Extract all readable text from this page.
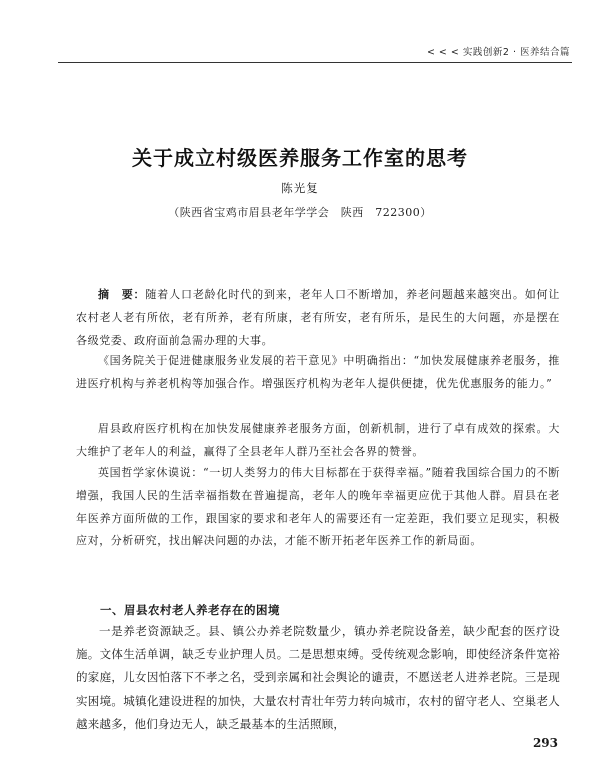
< < < 实践创新2 · 医养结合篇
关于成立村级医养服务工作室的思考
陈光复
（陕西省宝鸡市眉县老年学学会　陕西　722300）

摘　要：随着人口老龄化时代的到来，老年人口不断增加，养老问题越来越突出。如何让农村老人老有所依，老有所养，老有所康，老有所安，老有所乐，是民生的大问题，亦是摆在各级党委、政府面前急需办理的大事。

《国务院关于促进健康服务业发展的若干意见》中明确指出：“加快发展健康养老服务，推进医疗机构与养老机构等加强合作。增强医疗机构为老年人提供便捷，优先优惠服务的能力。”

眉县政府医疗机构在加快发展健康养老服务方面，创新机制，进行了卓有成效的探索。大大维护了老年人的利益，赢得了全县老年人群乃至社会各界的赞誉。

英国哲学家休谟说：“一切人类努力的伟大目标都在于获得幸福。”随着我国综合国力的不断增强，我国人民的生活幸福指数在普遍提高，老年人的晚年幸福更应优于其他人群。眉县在老年医养方面所做的工作，跟国家的要求和老年人的需要还有一定差距，我们要立足现实，积极应对，分析研究，找出解决问题的办法，才能不断开拓老年医养工作的新局面。

一、眉县农村老人养老存在的困境

一是养老资源缺乏。县、镇公办养老院数量少，镇办养老院设备差，缺少配套的医疗设施。文体生活单调，缺乏专业护理人员。二是思想束缚。受传统观念影响，即使经济条件宽裕的家庭，儿女因怕落下不孝之名，受到亲属和社会舆论的谴责，不愿送老人进养老院。三是现实困境。城镇化建设进程的加快，大量农村青壮年劳力转向城市，农村的留守老人、空巢老人越来越多，他们身边无人，缺乏最基本的生活照顾，

293
